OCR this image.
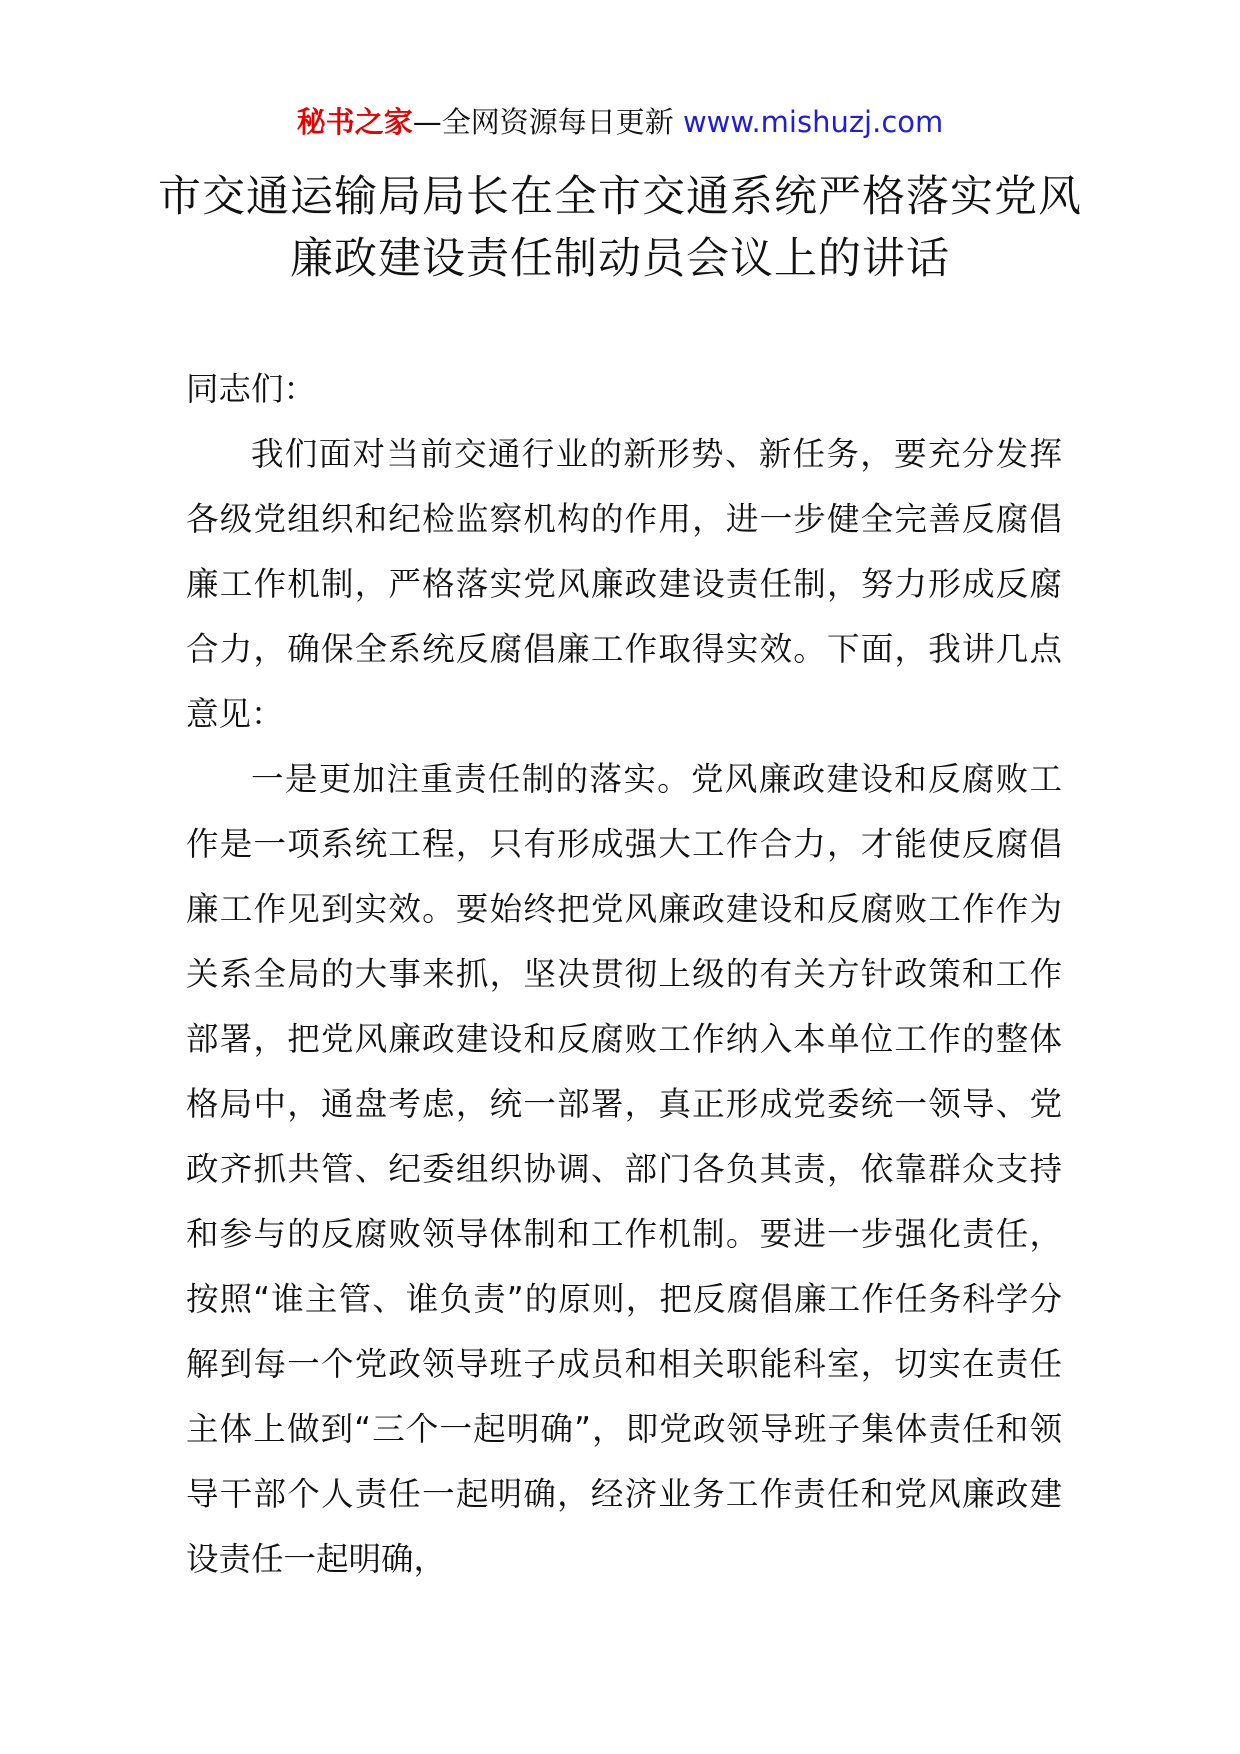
秘书之家—全网资源每日更新 www.mishuzj.com
市交通运输局局长在全市交通系统严格落实党风廉政建设责任制动员会议上的讲话

同志们：

我们面对当前交通行业的新形势、新任务，要充分发挥各级党组织和纪检监察机构的作用，进一步健全完善反腐倡廉工作机制，严格落实党风廉政建设责任制，努力形成反腐合力，确保全系统反腐倡廉工作取得实效。下面，我讲几点意见：

一是更加注重责任制的落实。党风廉政建设和反腐败工作是一项系统工程，只有形成强大工作合力，才能使反腐倡廉工作见到实效。要始终把党风廉政建设和反腐败工作作为关系全局的大事来抓，坚决贯彻上级的有关方针政策和工作部署，把党风廉政建设和反腐败工作纳入本单位工作的整体格局中，通盘考虑，统一部署，真正形成党委统一领导、党政齐抓共管、纪委组织协调、部门各负其责，依靠群众支持和参与的反腐败领导体制和工作机制。要进一步强化责任，按照“谁主管、谁负责”的原则，把反腐倡廉工作任务科学分解到每一个党政领导班子成员和相关职能科室，切实在责任主体上做到“三个一起明确”，即党政领导班子集体责任和领导干部个人责任一起明确，经济业务工作责任和党风廉政建设责任一起明确，
